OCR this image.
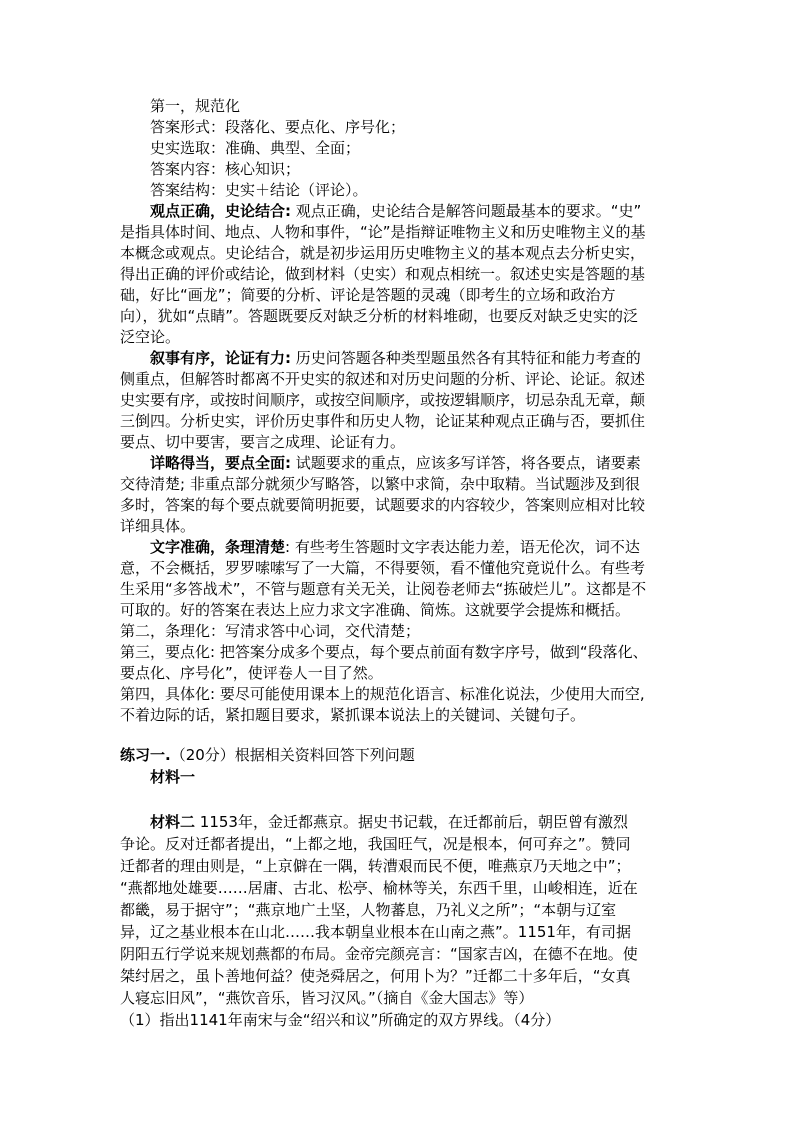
第一，规范化
答案形式：段落化、要点化、序号化；
史实选取：准确、典型、全面；
答案内容：核心知识；
答案结构：史实＋结论（评论）。
观点正确，史论结合: 观点正确，史论结合是解答问题最基本的要求。“史”
是指具体时间、地点、人物和事件，“论”是指辩证唯物主义和历史唯物主义的基
本概念或观点。史论结合，就是初步运用历史唯物主义的基本观点去分析史实，
得出正确的评价或结论，做到材料（史实）和观点相统一。叙述史实是答题的基
础，好比“画龙”；简要的分析、评论是答题的灵魂（即考生的立场和政治方
向），犹如“点睛”。答题既要反对缺乏分析的材料堆砌，也要反对缺乏史实的泛
泛空论。
叙事有序，论证有力: 历史问答题各种类型题虽然各有其特征和能力考查的
侧重点，但解答时都离不开史实的叙述和对历史问题的分析、评论、论证。叙述
史实要有序，或按时间顺序，或按空间顺序，或按逻辑顺序，切忌杂乱无章，颠
三倒四。分析史实，评价历史事件和历史人物，论证某种观点正确与否，要抓住
要点、切中要害，要言之成理、论证有力。
详略得当，要点全面: 试题要求的重点，应该多写详答，将各要点，诸要素
交待清楚; 非重点部分就须少写略答，以繁中求简，杂中取精。当试题涉及到很
多时，答案的每个要点就要简明扼要，试题要求的内容较少，答案则应相对比较
详细具体。
文字准确，条理清楚: 有些考生答题时文字表达能力差，语无伦次，词不达
意，不会概括，罗罗嗦嗦写了一大篇，不得要领，看不懂他究竟说什么。有些考
生采用“多答战术”，不管与题意有关无关，让阅卷老师去“拣破烂儿”。这都是不
可取的。好的答案在表达上应力求文字准确、简炼。这就要学会提炼和概括。
第二，条理化：写清求答中心词，交代清楚；
第三，要点化: 把答案分成多个要点，每个要点前面有数字序号，做到“段落化、
要点化、序号化”，使评卷人一目了然。
第四，具体化: 要尽可能使用课本上的规范化语言、标准化说法，少使用大而空,
不着边际的话，紧扣题目要求，紧抓课本说法上的关键词、关键句子。
练习一.（20分）根据相关资料回答下列问题
材料一
材料二 1153年，金迁都燕京。据史书记载，在迁都前后，朝臣曾有激烈
争论。反对迁都者提出，“上都之地，我国旺气，况是根本，何可弃之”。赞同
迁都者的理由则是，“上京僻在一隅，转漕艰而民不便，唯燕京乃天地之中”；
“燕都地处雄要……居庸、古北、松亭、榆林等关，东西千里，山峻相连，近在
都畿，易于据守”；“燕京地广土坚，人物蕃息，乃礼义之所”；“本朝与辽室
异，辽之基业根本在山北……我本朝皇业根本在山南之燕”。1151年，有司据
阴阳五行学说来规划燕都的布局。金帝完颜亮言：“国家吉凶，在德不在地。使
桀纣居之，虽卜善地何益？使尧舜居之，何用卜为？”迁都二十多年后，“女真
人寝忘旧风”，“燕饮音乐，皆习汉风。”（摘自《金大国志》等）
（1）指出1141年南宋与金“绍兴和议”所确定的双方界线。（4分）
